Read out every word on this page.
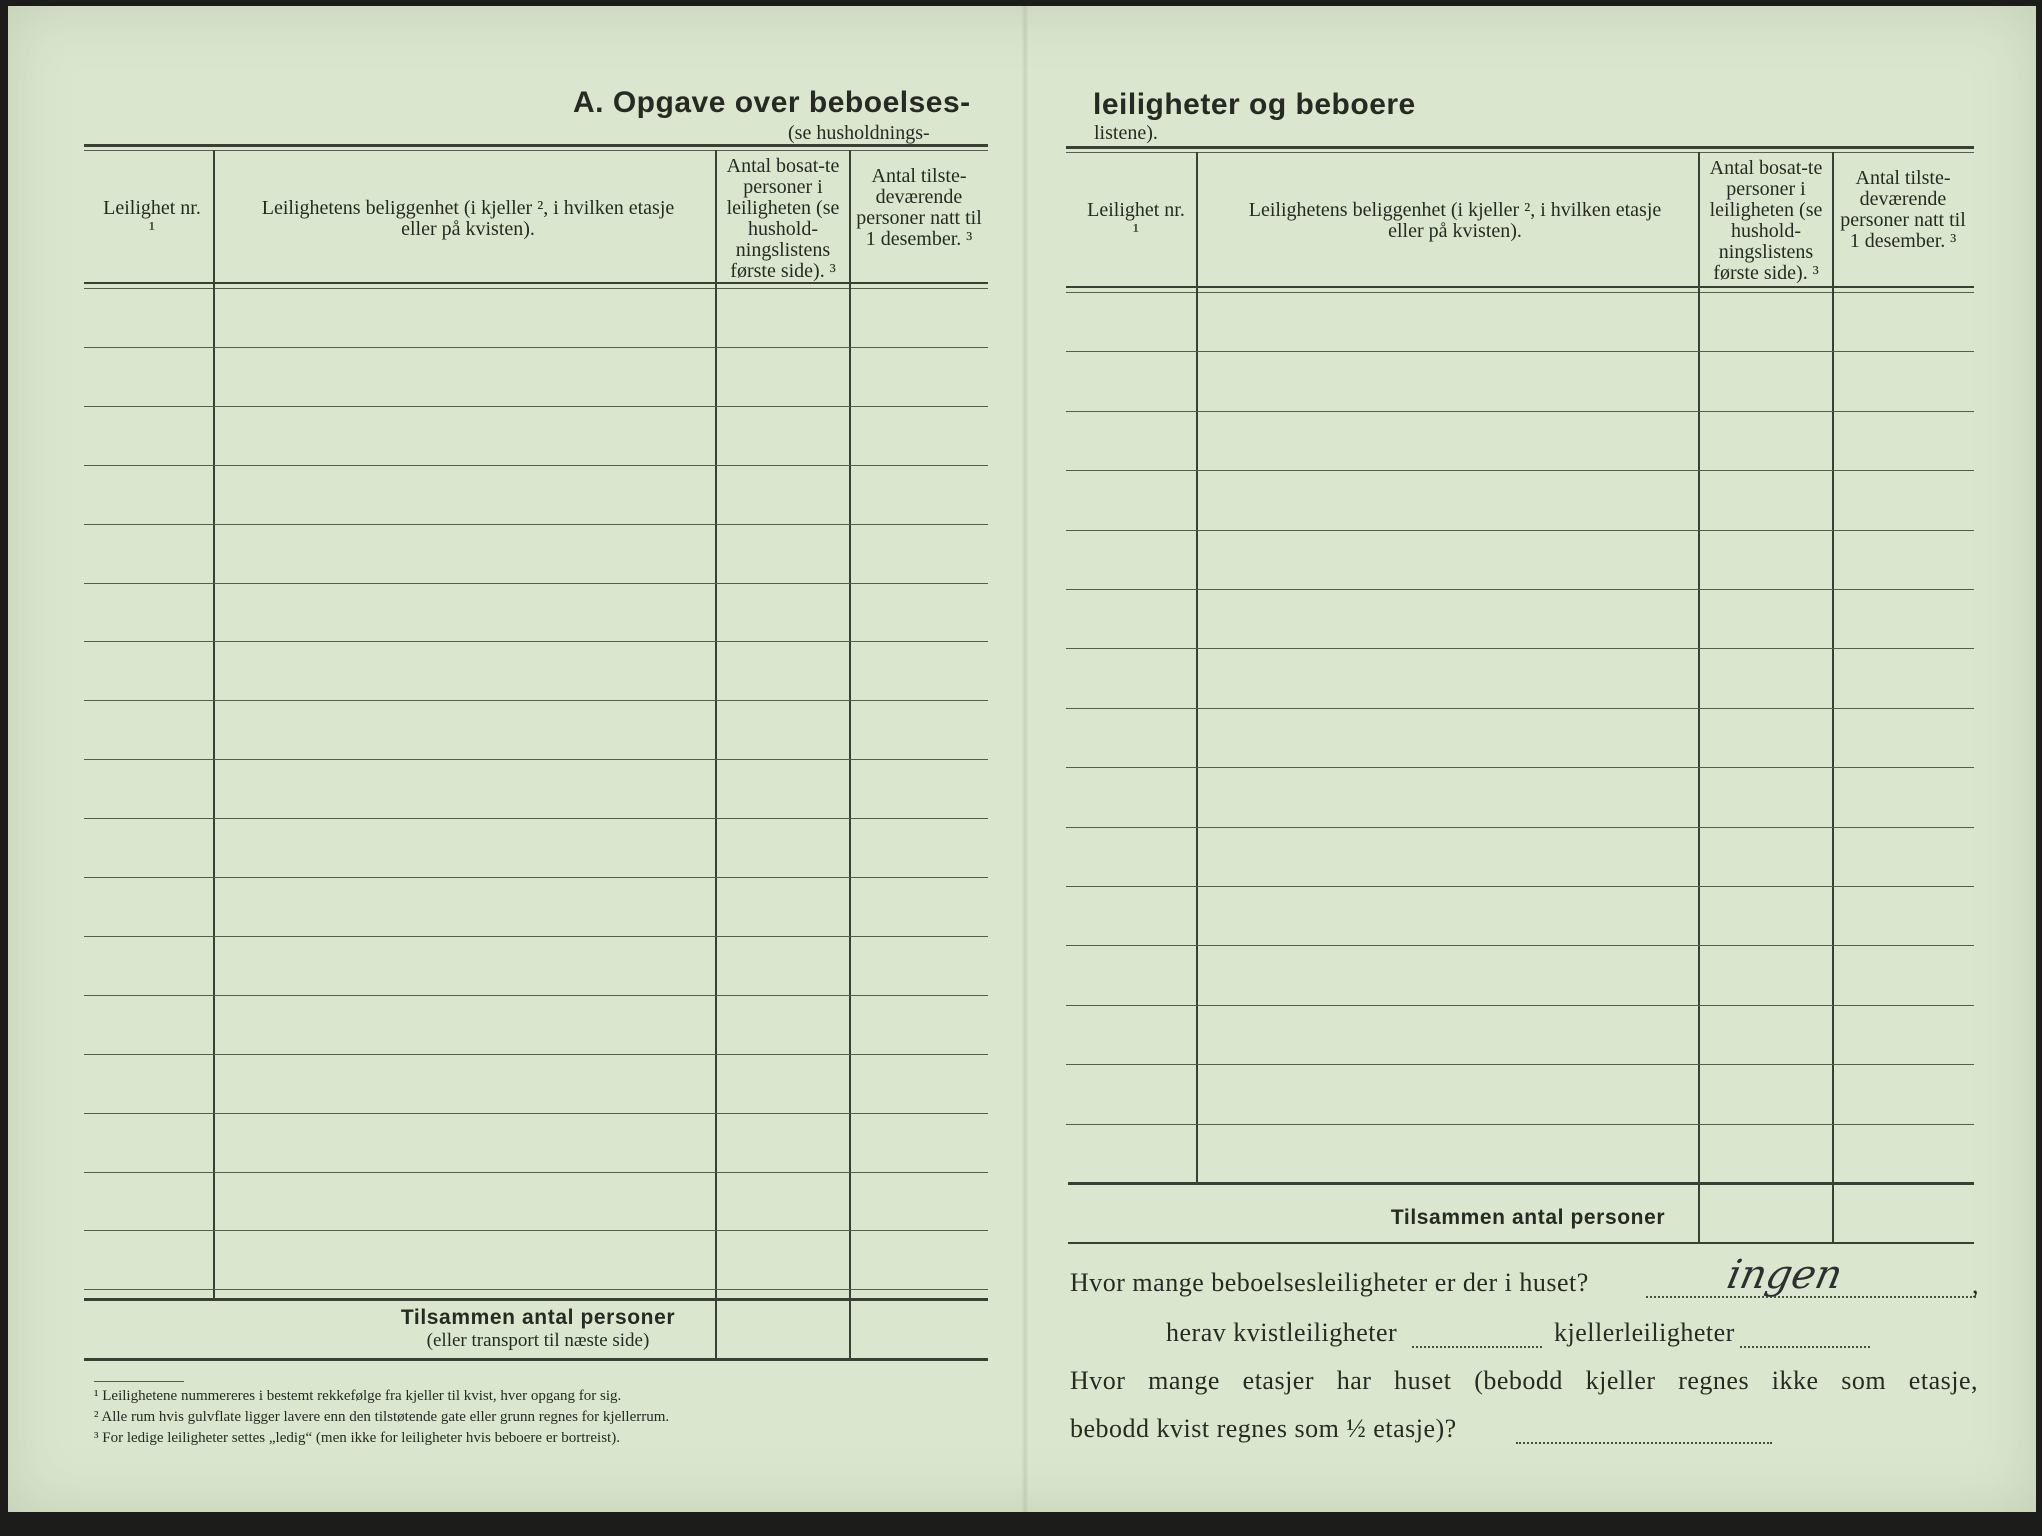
A. Opgave over beboelses-
(se husholdnings-
Leilighet nr. ¹
Leilighetens beliggenhet (i kjeller ², i hvilken etasje eller på kvisten).
Antal bosat-te personer i leiligheten (se hushold-ningslistens første side). ³
Antal tilste-deværende personer natt til 1 desember. ³
Tilsammen antal personer
(eller transport til næste side)
¹ Leilighetene nummereres i bestemt rekkefølge fra kjeller til kvist, hver opgang for sig.
² Alle rum hvis gulvflate ligger lavere enn den tilstøtende gate eller grunn regnes for kjellerrum.
³ For ledige leiligheter settes „ledig“ (men ikke for leiligheter hvis beboere er bortreist).
leiligheter og beboere
listene).
Leilighet nr. ¹
Leilighetens beliggenhet (i kjeller ², i hvilken etasje eller på kvisten).
Antal bosat-te personer i leiligheten (se hushold-ningslistens første side). ³
Antal tilste-deværende personer natt til 1 desember. ³
Tilsammen antal personer
Hvor mange beboelsesleiligheter er der i huset?	ingen	,
herav kvistleiligheter	kjellerleiligheter
Hvor mange etasjer har huset (bebodd kjeller regnes ikke som etasje,
bebodd kvist regnes som ½ etasje)?
